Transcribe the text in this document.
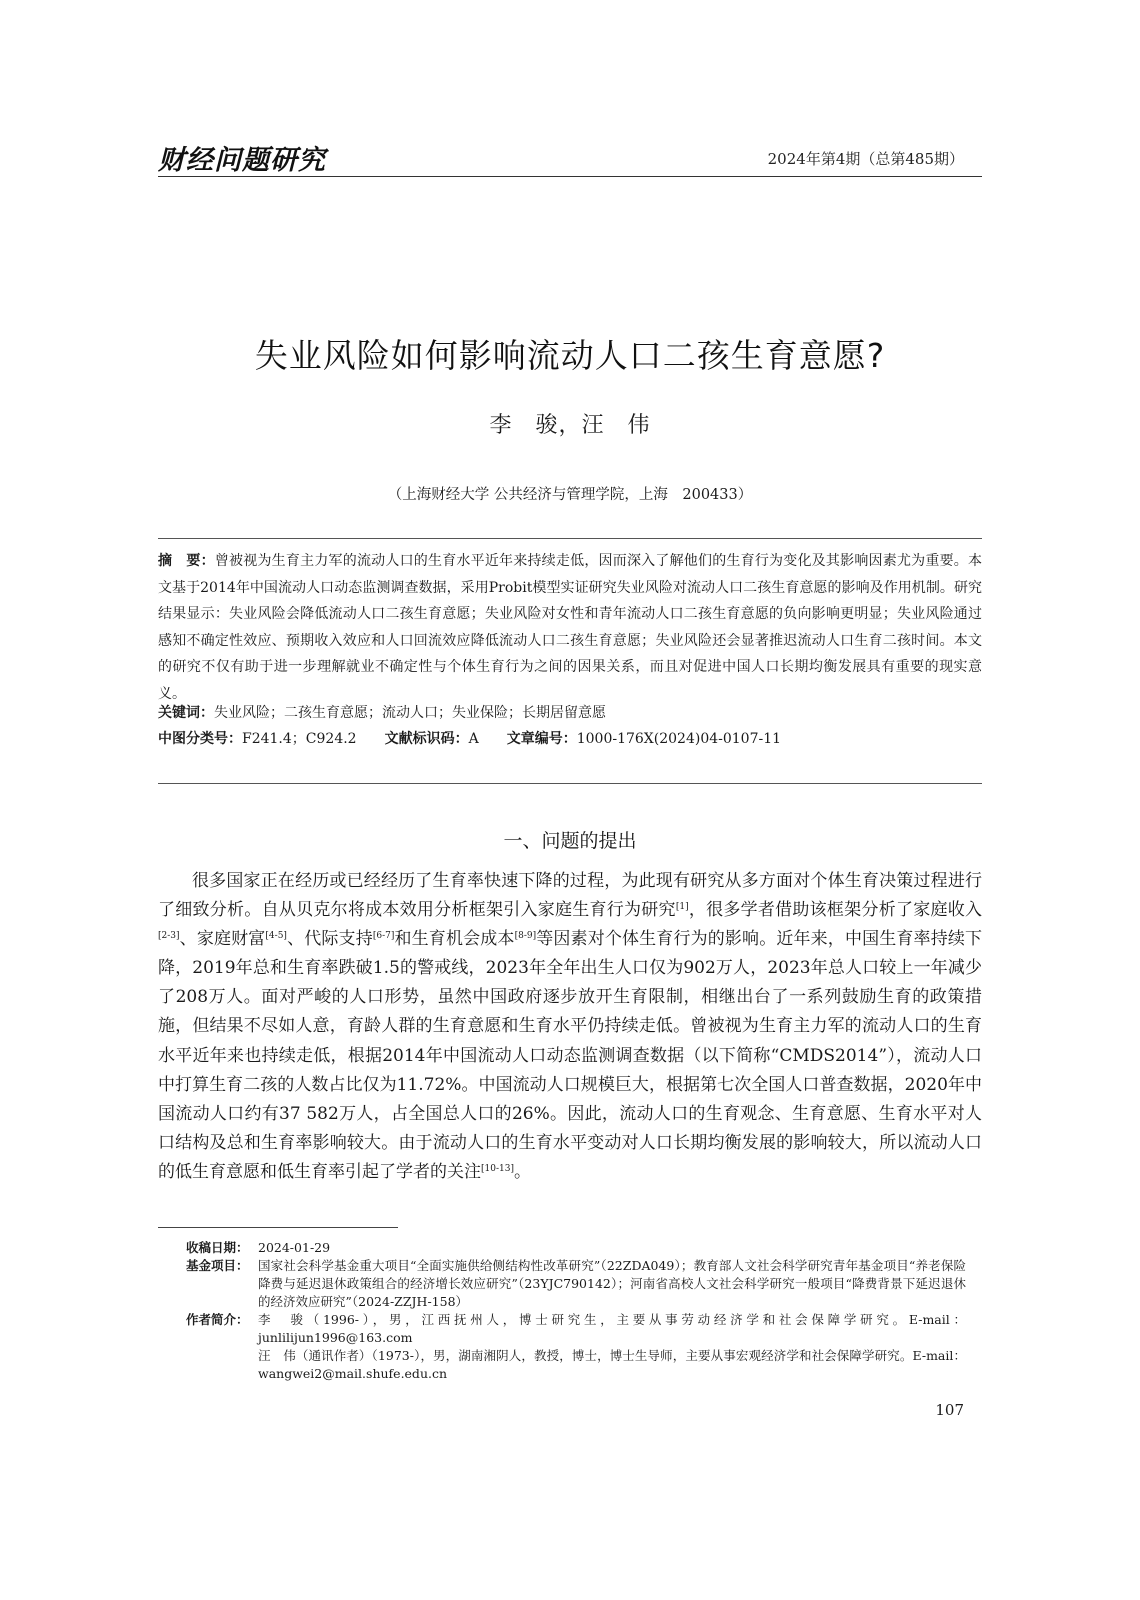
财经问题研究	2024年第4期（总第485期）
失业风险如何影响流动人口二孩生育意愿?
李　骏，汪　伟
（上海财经大学 公共经济与管理学院，上海　200433）
摘　要：曾被视为生育主力军的流动人口的生育水平近年来持续走低，因而深入了解他们的生育行为变化及其影响因素尤为重要。本文基于2014年中国流动人口动态监测调查数据，采用Probit模型实证研究失业风险对流动人口二孩生育意愿的影响及作用机制。研究结果显示：失业风险会降低流动人口二孩生育意愿；失业风险对女性和青年流动人口二孩生育意愿的负向影响更明显；失业风险通过感知不确定性效应、预期收入效应和人口回流效应降低流动人口二孩生育意愿；失业风险还会显著推迟流动人口生育二孩时间。本文的研究不仅有助于进一步理解就业不确定性与个体生育行为之间的因果关系，而且对促进中国人口长期均衡发展具有重要的现实意义。
关键词：失业风险；二孩生育意愿；流动人口；失业保险；长期居留意愿
中图分类号：F241.4；C924.2 文献标识码：A 文章编号：1000-176X(2024)04-0107-11
一、问题的提出

很多国家正在经历或已经经历了生育率快速下降的过程，为此现有研究从多方面对个体生育决策过程进行了细致分析。自从贝克尔将成本效用分析框架引入家庭生育行为研究[1]，很多学者借助该框架分析了家庭收入[2-3]、家庭财富[4-5]、代际支持[6-7]和生育机会成本[8-9]等因素对个体生育行为的影响。近年来，中国生育率持续下降，2019年总和生育率跌破1.5的警戒线，2023年全年出生人口仅为902万人，2023年总人口较上一年减少了208万人。面对严峻的人口形势，虽然中国政府逐步放开生育限制，相继出台了一系列鼓励生育的政策措施，但结果不尽如人意，育龄人群的生育意愿和生育水平仍持续走低。曾被视为生育主力军的流动人口的生育水平近年来也持续走低，根据2014年中国流动人口动态监测调查数据（以下简称“CMDS2014”），流动人口中打算生育二孩的人数占比仅为11.72%。中国流动人口规模巨大，根据第七次全国人口普查数据，2020年中国流动人口约有37 582万人，占全国总人口的26%。因此，流动人口的生育观念、生育意愿、生育水平对人口结构及总和生育率影响较大。由于流动人口的生育水平变动对人口长期均衡发展的影响较大，所以流动人口的低生育意愿和低生育率引起了学者的关注[10-13]。

收稿日期： 2024-01-29
基金项目： 国家社会科学基金重大项目“全面实施供给侧结构性改革研究”（22ZDA049）；教育部人文社会科学研究青年基金项目“养老保险降费与延迟退休政策组合的经济增长效应研究”（23YJC790142）；河南省高校人文社会科学研究一般项目“降费背景下延迟退休的经济效应研究”（2024-ZZJH-158）
作者简介： 李　骏（1996-），男，江西抚州人，博士研究生，主要从事劳动经济学和社会保障学研究。E-mail：junlilijun1996@163.com
汪　伟（通讯作者）（1973-），男，湖南湘阴人，教授，博士，博士生导师，主要从事宏观经济学和社会保障学研究。E-mail：wangwei2@mail.shufe.edu.cn
107
